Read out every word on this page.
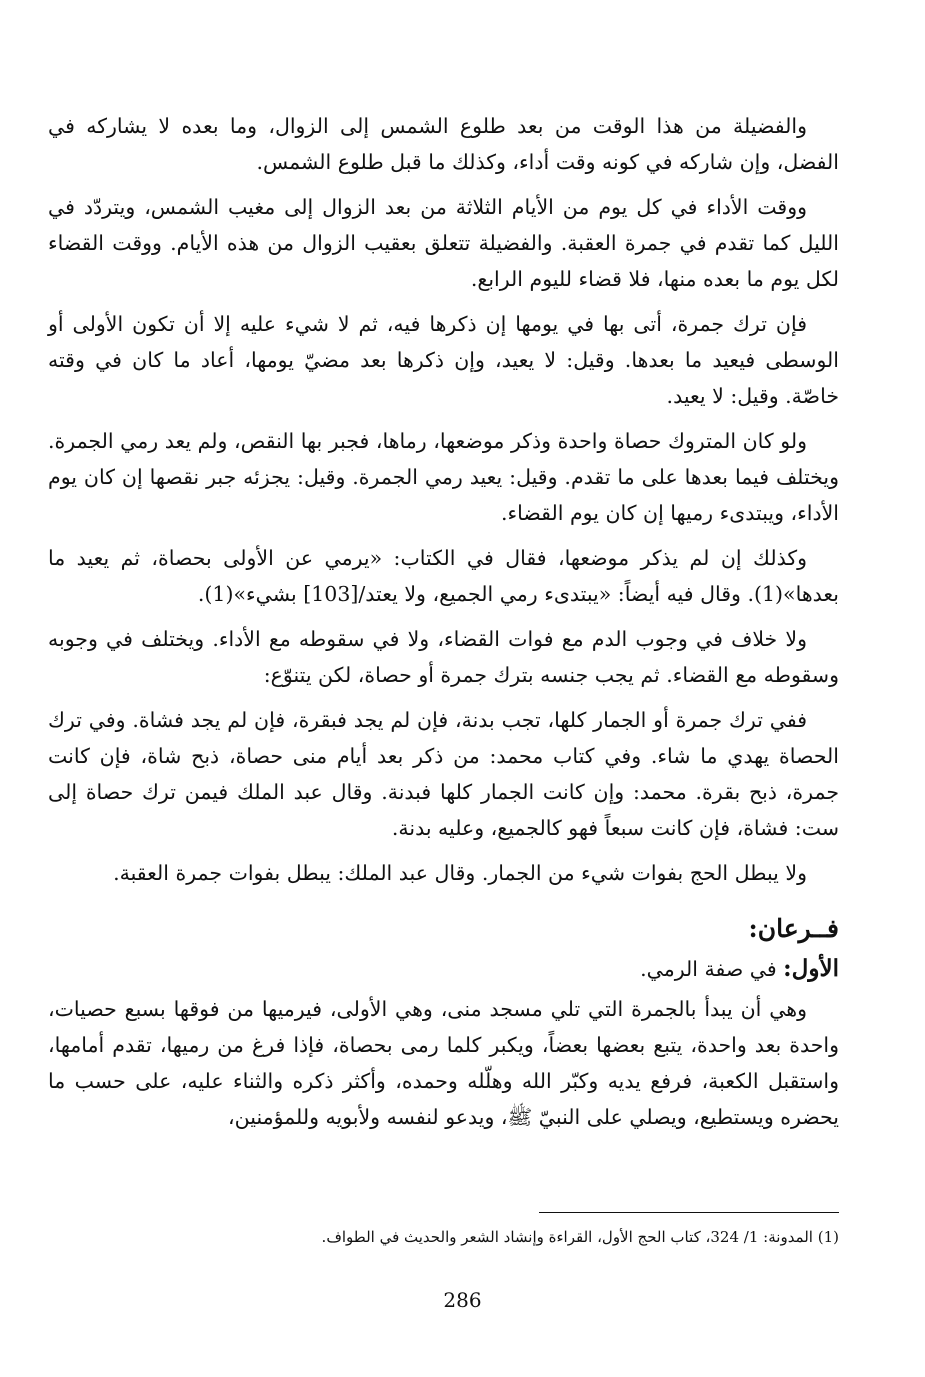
والفضيلة من هذا الوقت من بعد طلوع الشمس إلى الزوال، وما بعده لا يشاركه في الفضل، وإن شاركه في كونه وقت أداء، وكذلك ما قبل طلوع الشمس.

ووقت الأداء في كل يوم من الأيام الثلاثة من بعد الزوال إلى مغيب الشمس، ويتردّد في الليل كما تقدم في جمرة العقبة. والفضيلة تتعلق بعقيب الزوال من هذه الأيام. ووقت القضاء لكل يوم ما بعده منها، فلا قضاء لليوم الرابع.

فإن ترك جمرة، أتى بها في يومها إن ذكرها فيه، ثم لا شيء عليه إلا أن تكون الأولى أو الوسطى فيعيد ما بعدها. وقيل: لا يعيد، وإن ذكرها بعد مضيّ يومها، أعاد ما كان في وقته خاصّة. وقيل: لا يعيد.

ولو كان المتروك حصاة واحدة وذكر موضعها، رماها، فجبر بها النقص، ولم يعد رمي الجمرة. ويختلف فيما بعدها على ما تقدم. وقيل: يعيد رمي الجمرة. وقيل: يجزئه جبر نقصها إن كان يوم الأداء، ويبتدىء رميها إن كان يوم القضاء.

وكذلك إن لم يذكر موضعها، فقال في الكتاب: «يرمي عن الأولى بحصاة، ثم يعيد ما بعدها»(1). وقال فيه أيضاً: «يبتدىء رمي الجميع، ولا يعتد/[103] بشيء»(1).

ولا خلاف في وجوب الدم مع فوات القضاء، ولا في سقوطه مع الأداء. ويختلف في وجوبه وسقوطه مع القضاء. ثم يجب جنسه بترك جمرة أو حصاة، لكن يتنوّع:

ففي ترك جمرة أو الجمار كلها، تجب بدنة، فإن لم يجد فبقرة، فإن لم يجد فشاة. وفي ترك الحصاة يهدي ما شاء. وفي كتاب محمد: من ذكر بعد أيام منى حصاة، ذبح شاة، فإن كانت جمرة، ذبح بقرة. محمد: وإن كانت الجمار كلها فبدنة. وقال عبد الملك فيمن ترك حصاة إلى ست: فشاة، فإن كانت سبعاً فهو كالجميع، وعليه بدنة.

ولا يبطل الحج بفوات شيء من الجمار. وقال عبد الملك: يبطل بفوات جمرة العقبة.

فــرعان:
الأول: في صفة الرمي.

وهي أن يبدأ بالجمرة التي تلي مسجد منى، وهي الأولى، فيرميها من فوقها بسبع حصيات، واحدة بعد واحدة، يتبع بعضها بعضاً، ويكبر كلما رمى بحصاة، فإذا فرغ من رميها، تقدم أمامها، واستقبل الكعبة، فرفع يديه وكبّر الله وهلّله وحمده، وأكثر ذكره والثناء عليه، على حسب ما يحضره ويستطيع، ويصلي على النبيّ ﷺ، ويدعو لنفسه ولأبويه وللمؤمنين،

(1) المدونة: 1/ 324، كتاب الحج الأول، القراءة وإنشاد الشعر والحديث في الطواف.
286
